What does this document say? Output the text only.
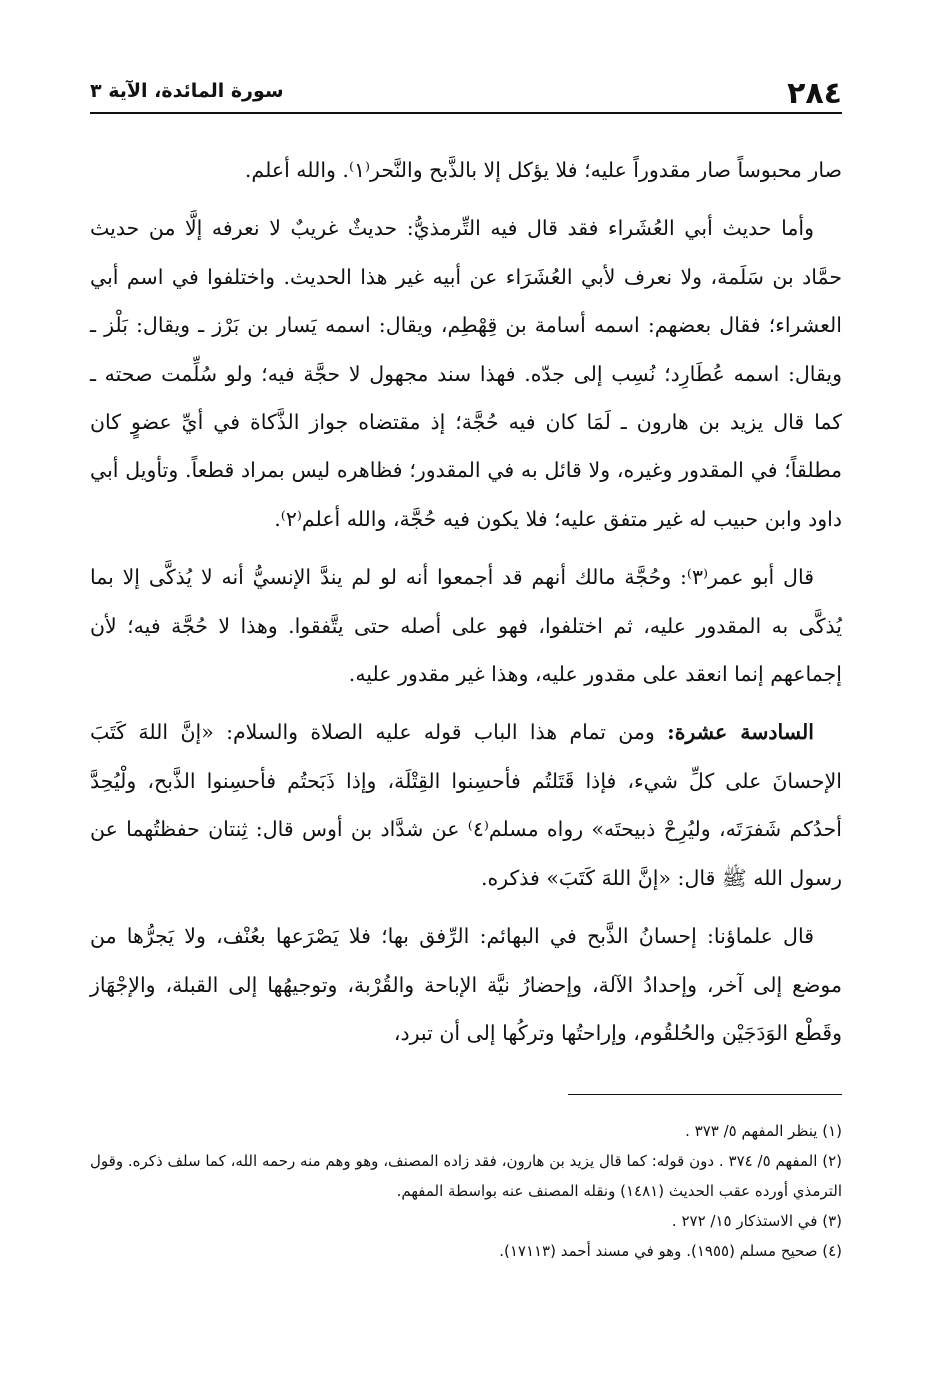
٢٨٤
سورة المائدة، الآية ٣

صار محبوساً صار مقدوراً عليه؛ فلا يؤكل إلا بالذَّبح والنَّحر⁽١⁾. والله أعلم.

وأما حديث أبي العُشَراء فقد قال فيه التِّرمذيُّ: حديثٌ غريبٌ لا نعرفه إلَّا من حديث حمَّاد بن سَلَمة، ولا نعرف لأبي العُشَرَاء عن أبيه غير هذا الحديث. واختلفوا في اسم أبي العشراء؛ فقال بعضهم: اسمه أسامة بن قِهْطِم، ويقال: اسمه يَسار بن بَرْز ـ ويقال: بَلْز ـ ويقال: اسمه عُطَارِد؛ نُسِب إلى جدّه. فهذا سند مجهول لا حجَّة فيه؛ ولو سُلِّمت صحته ـ كما قال يزيد بن هارون ـ لَمَا كان فيه حُجَّة؛ إذ مقتضاه جواز الذَّكاة في أيِّ عضوٍ كان مطلقاً؛ في المقدور وغيره، ولا قائل به في المقدور؛ فظاهره ليس بمراد قطعاً. وتأويل أبي داود وابن حبيب له غير متفق عليه؛ فلا يكون فيه حُجَّة، والله أعلم⁽٢⁾.

قال أبو عمر⁽٣⁾: وحُجَّة مالك أنهم قد أجمعوا أنه لو لم يندَّ الإنسيُّ أنه لا يُذكَّى إلا بما يُذكَّى به المقدور عليه، ثم اختلفوا، فهو على أصله حتى يتَّفقوا. وهذا لا حُجَّة فيه؛ لأن إجماعهم إنما انعقد على مقدور عليه، وهذا غير مقدور عليه.

السادسة عشرة: ومن تمام هذا الباب قوله عليه الصلاة والسلام: «إنَّ اللهَ كَتَبَ الإحسانَ على كلِّ شيء، فإذا قَتَلتُم فأحسِنوا القِتْلَة، وإذا ذَبَحتُم فأحسِنوا الذَّبح، ولْيُحِدَّ أحدُكم شَفرَتَه، وليُرِحْ ذبيحتَه» رواه مسلم⁽٤⁾ عن شدَّاد بن أوس قال: ثِنتان حفظتُهما عن رسول الله ﷺ قال: «إنَّ اللهَ كَتَبَ» فذكره.

قال علماؤنا: إحسانُ الذَّبح في البهائم: الرِّفق بها؛ فلا يَصْرَعها بعُنْف، ولا يَجرُّها من موضع إلى آخر، وإحدادُ الآلة، وإحضارُ نيَّة الإباحة والقُرْبة، وتوجيهُها إلى القبلة، والإجْهَاز وقَطْع الوَدَجَيْن والحُلقُوم، وإراحتُها وتركُها إلى أن تبرد،

(١) ينظر المفهم ٥/ ٣٧٣ .
(٢) المفهم ٥/ ٣٧٤ . دون قوله: كما قال يزيد بن هارون، فقد زاده المصنف، وهو وهم منه رحمه الله، كما سلف ذكره. وقول الترمذي أورده عقب الحديث (١٤٨١) ونقله المصنف عنه بواسطة المفهم.
(٣) في الاستذكار ١٥/ ٢٧٢ .
(٤) صحيح مسلم (١٩٥٥). وهو في مسند أحمد (١٧١١٣).
